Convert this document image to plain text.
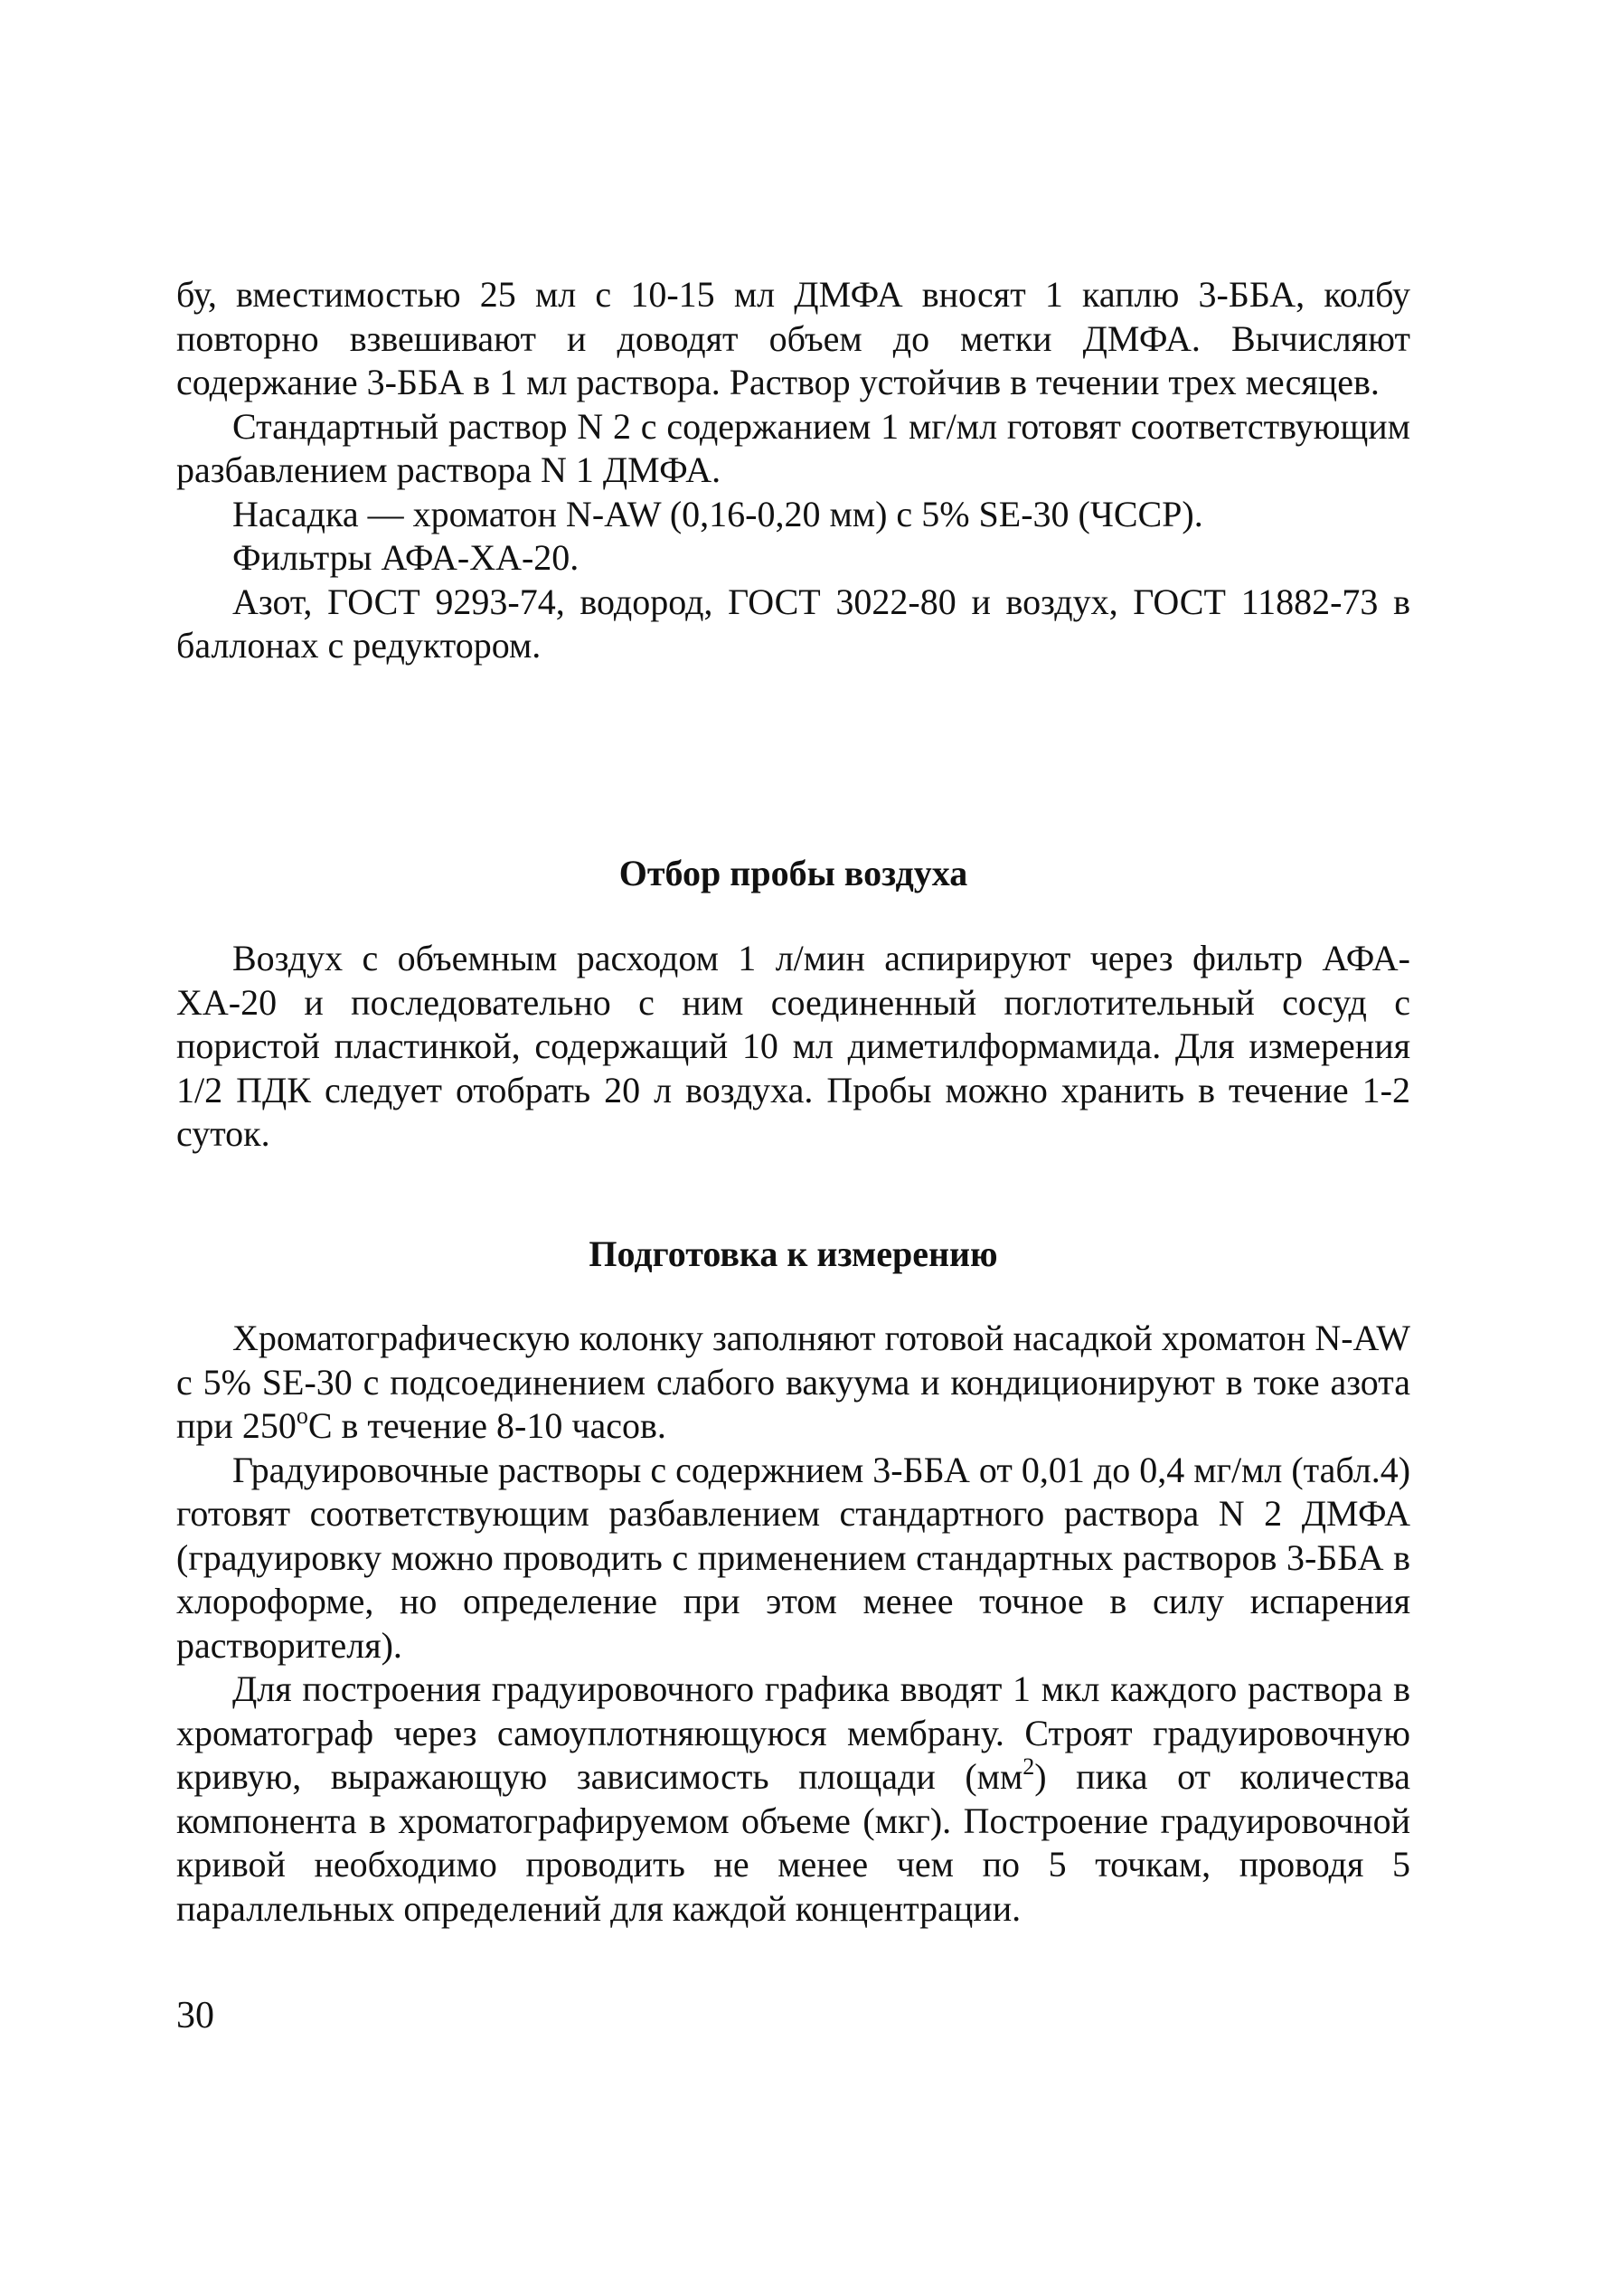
бу, вместимостью 25 мл с 10-15 мл ДМФА вносят 1 каплю 3-ББА, колбу повторно взвешивают и доводят объем до метки ДМФА. Вычисляют содержание 3-ББА в 1 мл раствора. Раствор устойчив в течении трех месяцев.

Стандартный раствор N 2 с содержанием 1 мг/мл готовят соответствующим разбавлением раствора N 1 ДМФА.

Насадка — хроматон N-AW (0,16-0,20 мм) с 5% SE-30 (ЧССР).

Фильтры АФА-ХА-20.

Азот, ГОСТ 9293-74, водород, ГОСТ 3022-80 и воздух, ГОСТ 11882-73 в баллонах с редуктором.

Отбор пробы воздуха

Воздух с объемным расходом 1 л/мин аспирируют через фильтр АФА-ХА-20 и последовательно с ним соединенный поглотительный сосуд с пористой пластинкой, содержащий 10 мл диметилформамида. Для измерения 1/2 ПДК следует отобрать 20 л воздуха. Пробы можно хранить в течение 1-2 суток.

Подготовка к измерению

Хроматографическую колонку заполняют готовой насадкой хроматон N-AW с 5% SE-30 с подсоединением слабого вакуума и кондиционируют в токе азота при $250^оС$ в течение 8-10 часов.

Градуировочные растворы с содержнием 3-ББА от 0,01 до 0,4 мг/мл (табл.4) готовят соответствующим разбавлением стандартного раствора N 2 ДМФА (градуировку можно проводить с применением стандартных растворов 3-ББА в хлороформе, но определение при этом менее точное в силу испарения растворителя).

Для построения градуировочного графика вводят 1 мкл каждого раствора в хроматограф через самоуплотняющуюся мембрану. Строят градуировочную кривую, выражающую зависимость площади $(мм^2)$ пика от количества компонента в хроматографируемом объеме (мкг). Построение градуировочной кривой необходимо проводить не менее чем по 5 точкам, проводя 5 параллельных определений для каждой концентрации.

30
